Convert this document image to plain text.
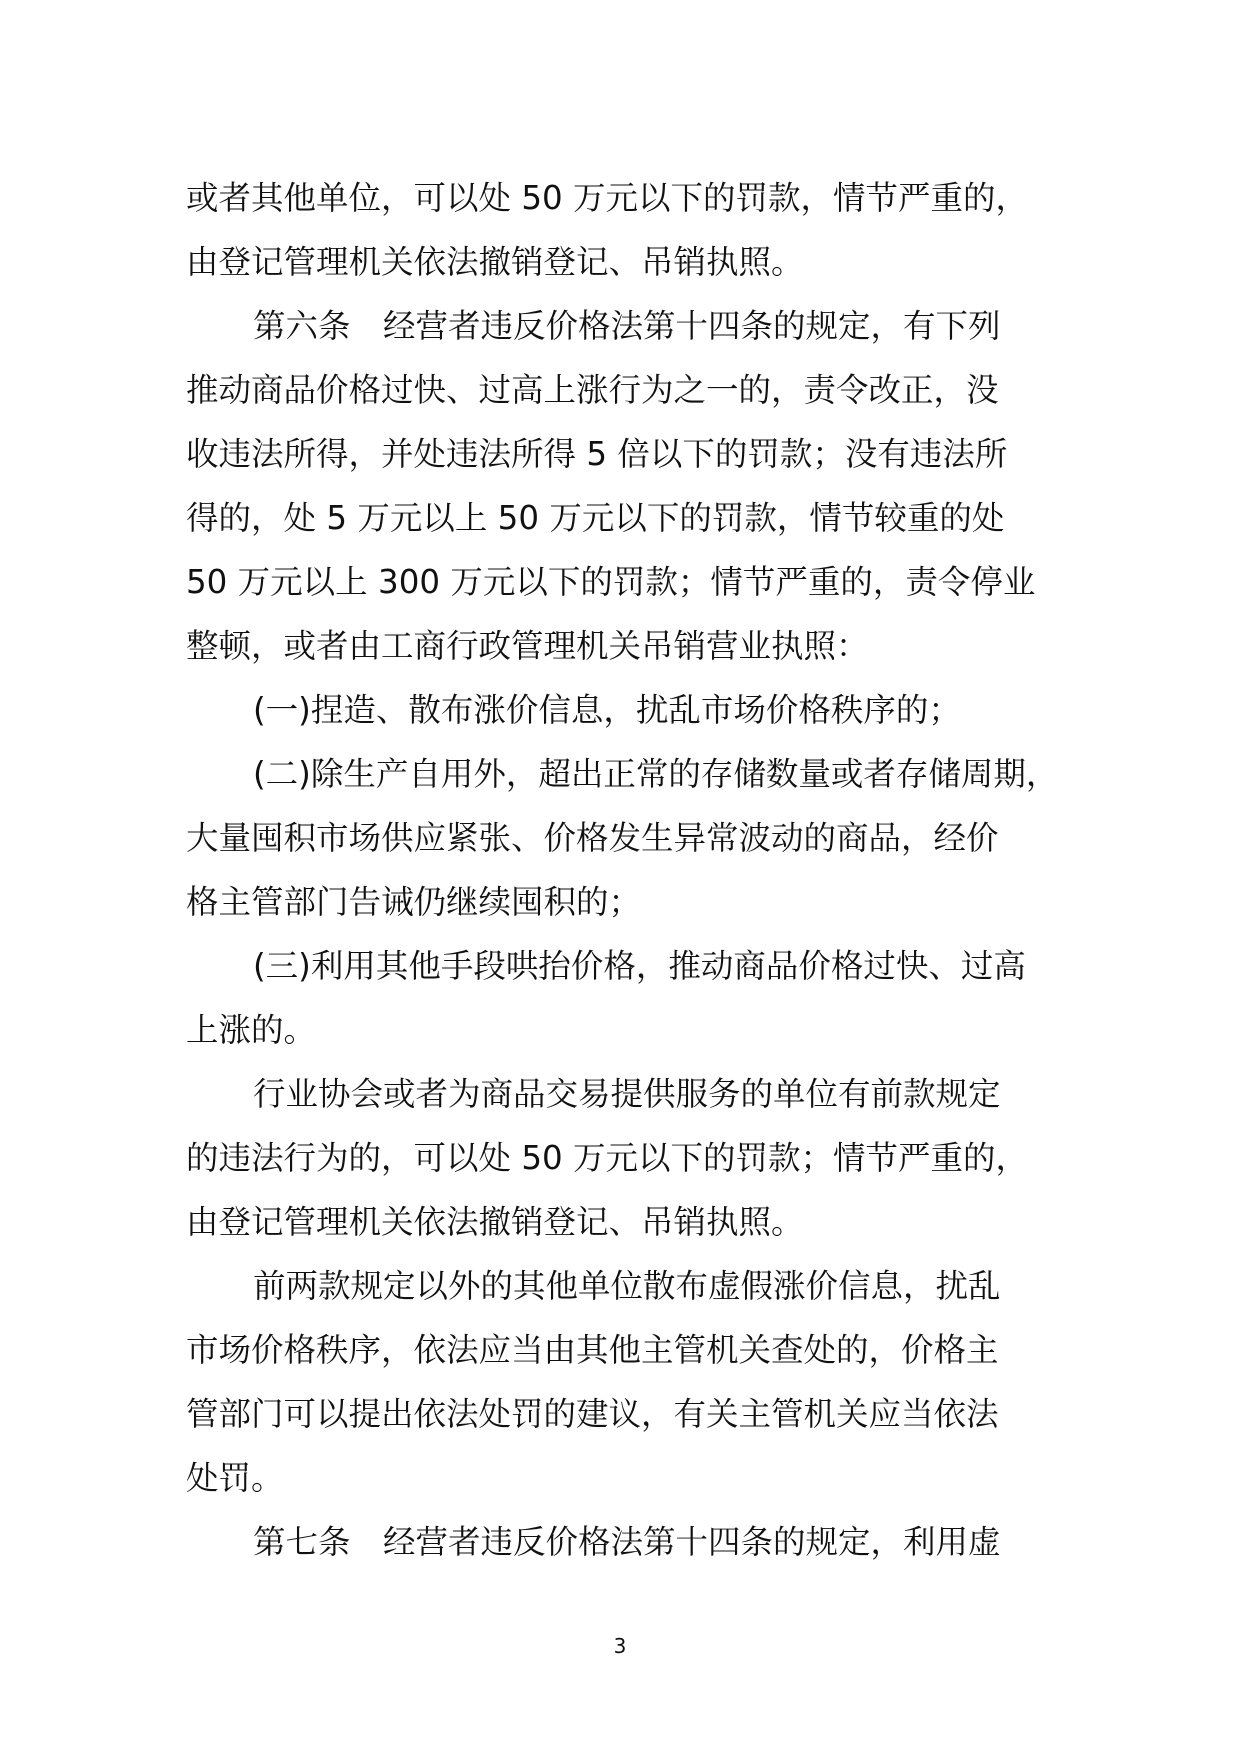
或者其他单位，可以处 50 万元以下的罚款，情节严重的，

由登记管理机关依法撤销登记、吊销执照。

第六条　经营者违反价格法第十四条的规定，有下列

推动商品价格过快、过高上涨行为之一的，责令改正，没

收违法所得，并处违法所得 5 倍以下的罚款；没有违法所

得的，处 5 万元以上 50 万元以下的罚款，情节较重的处

50 万元以上 300 万元以下的罚款；情节严重的，责令停业

整顿，或者由工商行政管理机关吊销营业执照：

(一)捏造、散布涨价信息，扰乱市场价格秩序的；

(二)除生产自用外，超出正常的存储数量或者存储周期，

大量囤积市场供应紧张、价格发生异常波动的商品，经价

格主管部门告诫仍继续囤积的；

(三)利用其他手段哄抬价格，推动商品价格过快、过高

上涨的。

行业协会或者为商品交易提供服务的单位有前款规定

的违法行为的，可以处 50 万元以下的罚款；情节严重的，

由登记管理机关依法撤销登记、吊销执照。

前两款规定以外的其他单位散布虚假涨价信息，扰乱

市场价格秩序，依法应当由其他主管机关查处的，价格主

管部门可以提出依法处罚的建议，有关主管机关应当依法

处罚。

第七条　经营者违反价格法第十四条的规定，利用虚

3
